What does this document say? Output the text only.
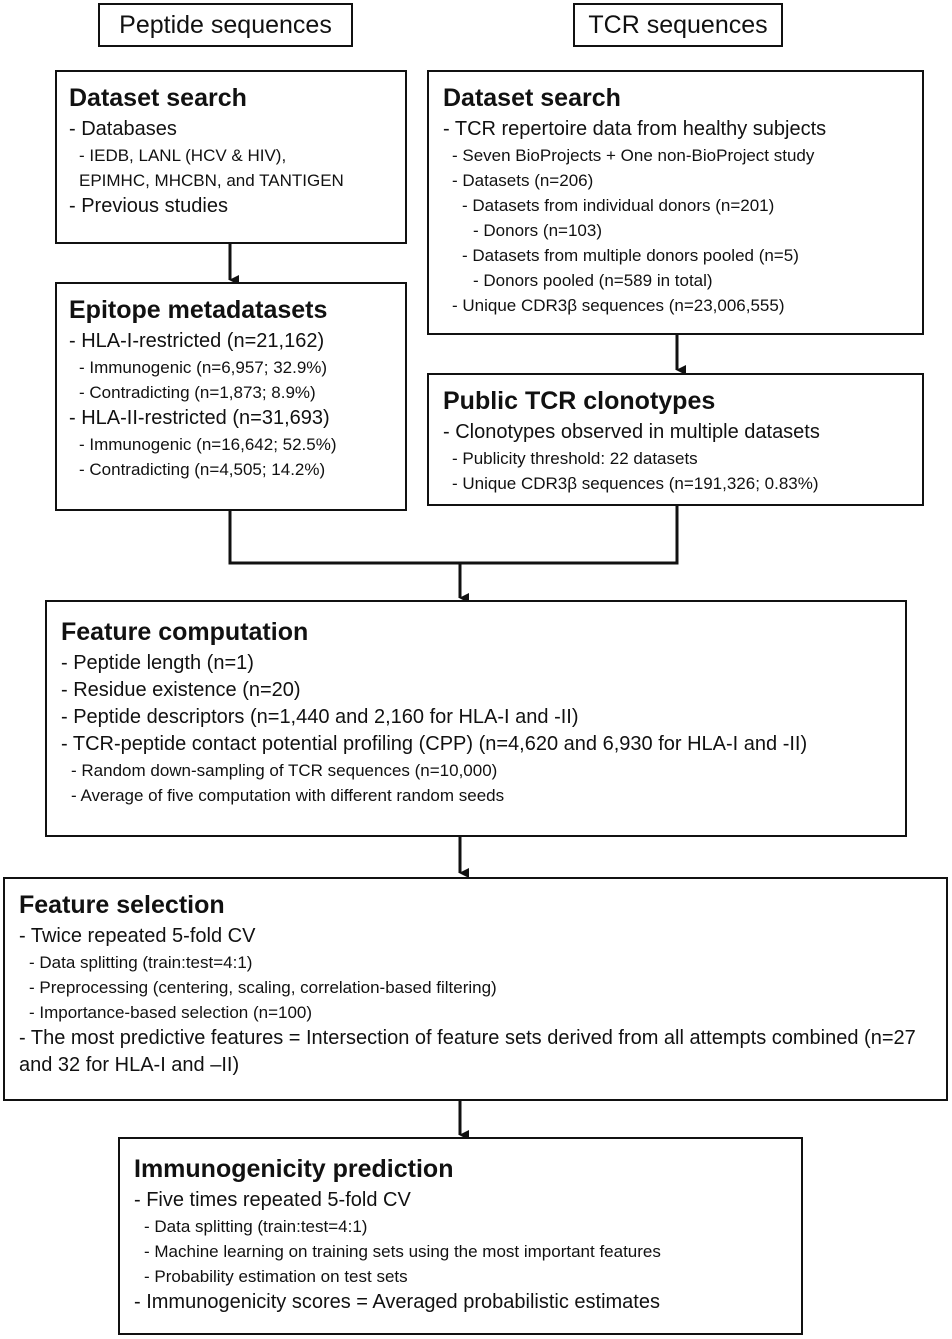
Peptide sequences	TCR sequences
Dataset search
- Databases
- IEDB, LANL (HCV & HIV),
EPIMHC, MHCBN, and TANTIGEN
- Previous studies
Epitope metadatasets
- HLA-I-restricted (n=21,162)
- Immunogenic (n=6,957; 32.9%)
- Contradicting (n=1,873; 8.9%)
- HLA-II-restricted (n=31,693)
- Immunogenic (n=16,642; 52.5%)
- Contradicting (n=4,505; 14.2%)
Dataset search
- TCR repertoire data from healthy subjects
- Seven BioProjects + One non-BioProject study
- Datasets (n=206)
- Datasets from individual donors (n=201)
- Donors (n=103)
- Datasets from multiple donors pooled (n=5)
- Donors pooled (n=589 in total)
- Unique CDR3β sequences (n=23,006,555)
Public TCR clonotypes
- Clonotypes observed in multiple datasets
- Publicity threshold: 22 datasets
- Unique CDR3β sequences (n=191,326; 0.83%)
Feature computation
- Peptide length (n=1)
- Residue existence (n=20)
- Peptide descriptors (n=1,440 and 2,160 for HLA-I and -II)
- TCR-peptide contact potential profiling (CPP) (n=4,620 and 6,930 for HLA-I and -II)
- Random down-sampling of TCR sequences (n=10,000)
- Average of five computation with different random seeds
Feature selection
- Twice repeated 5-fold CV
- Data splitting (train:test=4:1)
- Preprocessing (centering, scaling, correlation-based filtering)
- Importance-based selection (n=100)
- The most predictive features = Intersection of feature sets derived from all attempts combined (n=27 and 32 for HLA-I and –II)
Immunogenicity prediction
- Five times repeated 5-fold CV
- Data splitting (train:test=4:1)
- Machine learning on training sets using the most important features
- Probability estimation on test sets
- Immunogenicity scores = Averaged probabilistic estimates
